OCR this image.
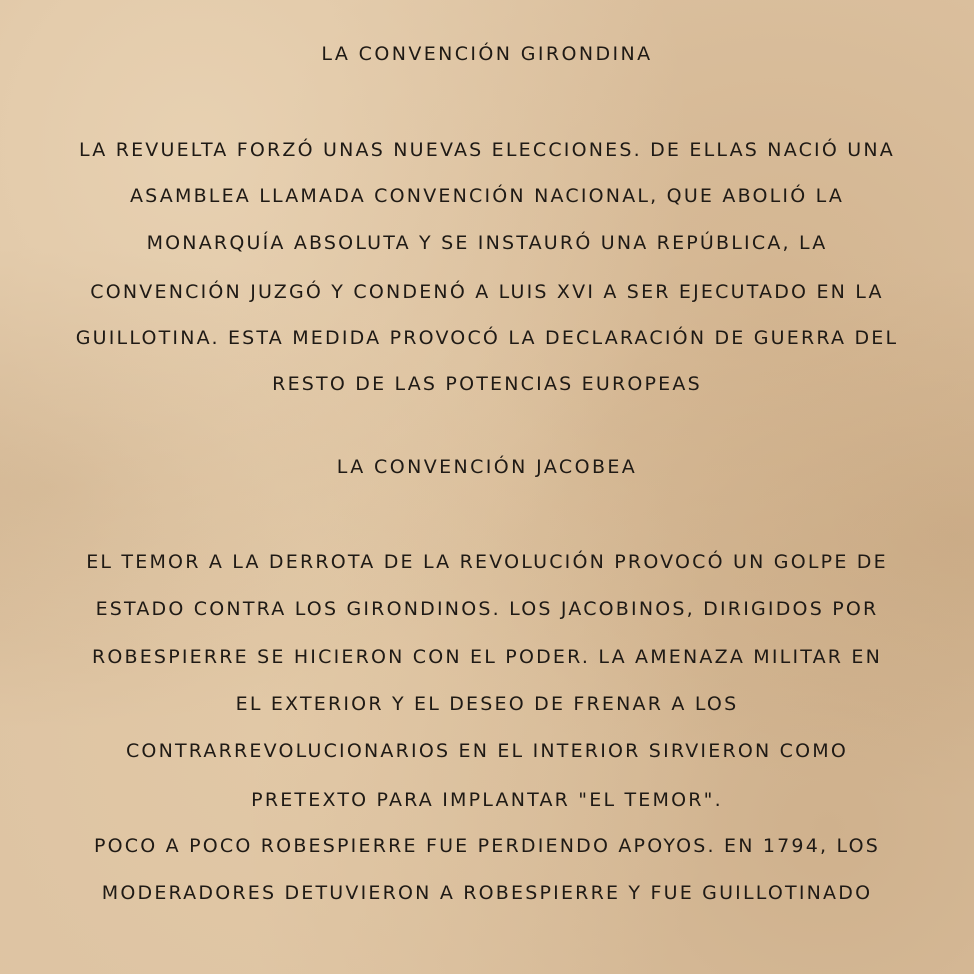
LA CONVENCIÓN GIRONDINA
LA REVUELTA FORZÓ UNAS NUEVAS ELECCIONES. DE ELLAS NACIÓ UNA
ASAMBLEA LLAMADA CONVENCIÓN NACIONAL, QUE ABOLIÓ LA
MONARQUÍA ABSOLUTA Y SE INSTAURÓ UNA REPÚBLICA, LA
CONVENCIÓN JUZGÓ Y CONDENÓ A LUIS XVI A SER EJECUTADO EN LA
GUILLOTINA. ESTA MEDIDA PROVOCÓ LA DECLARACIÓN DE GUERRA DEL
RESTO DE LAS POTENCIAS EUROPEAS
LA CONVENCIÓN JACOBEA
EL TEMOR A LA DERROTA DE LA REVOLUCIÓN PROVOCÓ UN GOLPE DE
ESTADO CONTRA LOS GIRONDINOS. LOS JACOBINOS, DIRIGIDOS POR
ROBESPIERRE SE HICIERON CON EL PODER. LA AMENAZA MILITAR EN
EL EXTERIOR Y EL DESEO DE FRENAR A LOS
CONTRARREVOLUCIONARIOS EN EL INTERIOR SIRVIERON COMO
PRETEXTO PARA IMPLANTAR "EL TEMOR".
POCO A POCO ROBESPIERRE FUE PERDIENDO APOYOS. EN 1794, LOS
MODERADORES DETUVIERON A ROBESPIERRE Y FUE GUILLOTINADO
